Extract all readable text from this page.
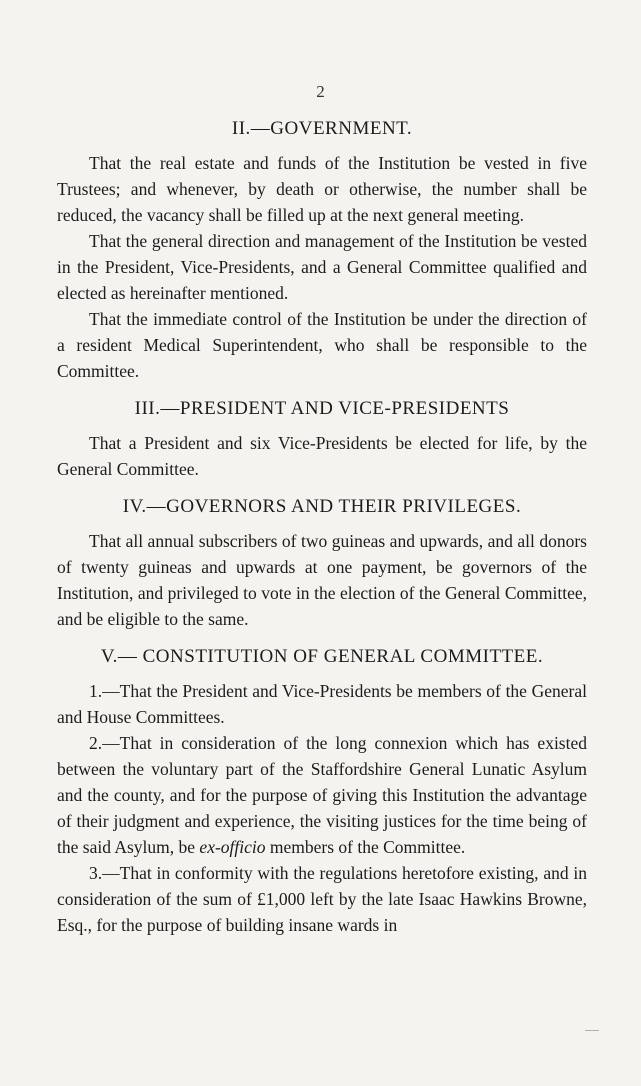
2
II.—GOVERNMENT.

That the real estate and funds of the Institution be vested in five Trustees; and whenever, by death or otherwise, the number shall be reduced, the vacancy shall be filled up at the next general meeting.

That the general direction and management of the Institution be vested in the President, Vice-Presidents, and a General Committee qualified and elected as hereinafter mentioned.

That the immediate control of the Institution be under the direction of a resident Medical Superintendent, who shall be responsible to the Committee.

III.—PRESIDENT AND VICE-PRESIDENTS

That a President and six Vice-Presidents be elected for life, by the General Committee.

IV.—GOVERNORS AND THEIR PRIVILEGES.

That all annual subscribers of two guineas and upwards, and all donors of twenty guineas and upwards at one payment, be governors of the Institution, and privileged to vote in the election of the General Committee, and be eligible to the same.

V.— CONSTITUTION OF GENERAL COMMITTEE.

1.—That the President and Vice-Presidents be members of the General and House Committees.

2.—That in consideration of the long connexion which has existed between the voluntary part of the Staffordshire General Lunatic Asylum and the county, and for the purpose of giving this Institution the advantage of their judgment and experience, the visiting justices for the time being of the said Asylum, be ex-officio members of the Committee.

3.—That in conformity with the regulations heretofore existing, and in consideration of the sum of £1,000 left by the late Isaac Hawkins Browne, Esq., for the purpose of building insane wards in
